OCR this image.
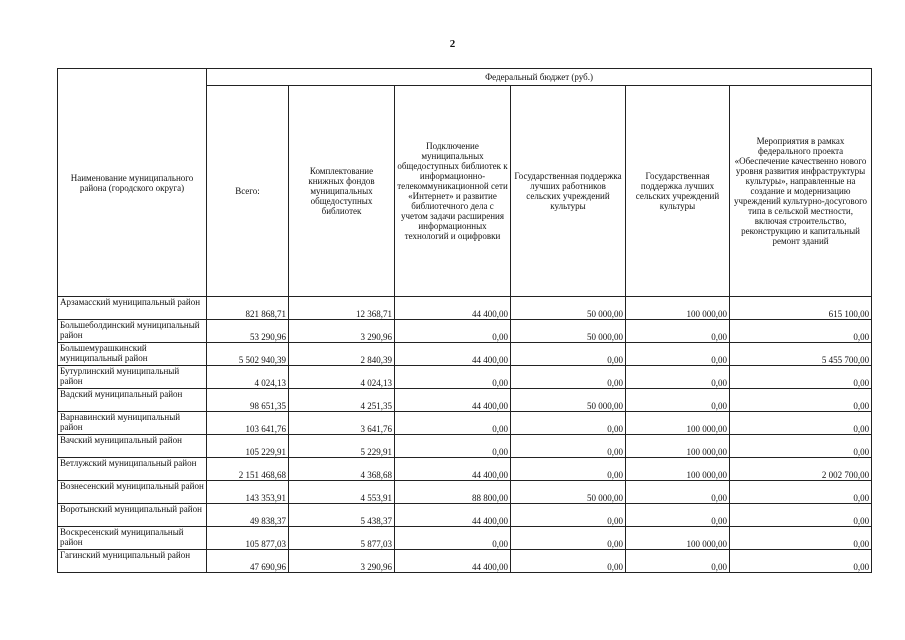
2
Наименование муниципального района (городского округа)	Федеральный бюджет (руб.)					
	Всего:	Комплектование книжных фондов муниципальных общедоступных библиотек	Подключение муниципальных общедоступных библиотек к информационно-телекоммуникационной сети «Интернет» и развитие библиотечного дела с учетом задачи расширения информационных технологий и оцифровки	Государственная поддержка лучших работников сельских учреждений культуры	Государственная поддержка лучших сельских учреждений культуры	Мероприятия в рамках федерального проекта «Обеспечение качественно нового уровня развития инфраструктуры культуры», направленные на создание и модернизацию учреждений культурно-досугового типа в сельской местности, включая строительство, реконструкцию и капитальный ремонт зданий
Арзамасский муниципальный район	821 868,71	12 368,71	44 400,00	50 000,00	100 000,00	615 100,00
Большеболдинский муниципальный район	53 290,96	3 290,96	0,00	50 000,00	0,00	0,00
Большемурашкинский муниципальный район	5 502 940,39	2 840,39	44 400,00	0,00	0,00	5 455 700,00
Бутурлинский муниципальный район	4 024,13	4 024,13	0,00	0,00	0,00	0,00
Вадский муниципальный район	98 651,35	4 251,35	44 400,00	50 000,00	0,00	0,00
Варнавинский муниципальный район	103 641,76	3 641,76	0,00	0,00	100 000,00	0,00
Вачский муниципальный район	105 229,91	5 229,91	0,00	0,00	100 000,00	0,00
Ветлужский муниципальный район	2 151 468,68	4 368,68	44 400,00	0,00	100 000,00	2 002 700,00
Вознесенский муниципальный район	143 353,91	4 553,91	88 800,00	50 000,00	0,00	0,00
Воротынский муниципальный район	49 838,37	5 438,37	44 400,00	0,00	0,00	0,00
Воскресенский муниципальный район	105 877,03	5 877,03	0,00	0,00	100 000,00	0,00
Гагинский муниципальный район	47 690,96	3 290,96	44 400,00	0,00	0,00	0,00
